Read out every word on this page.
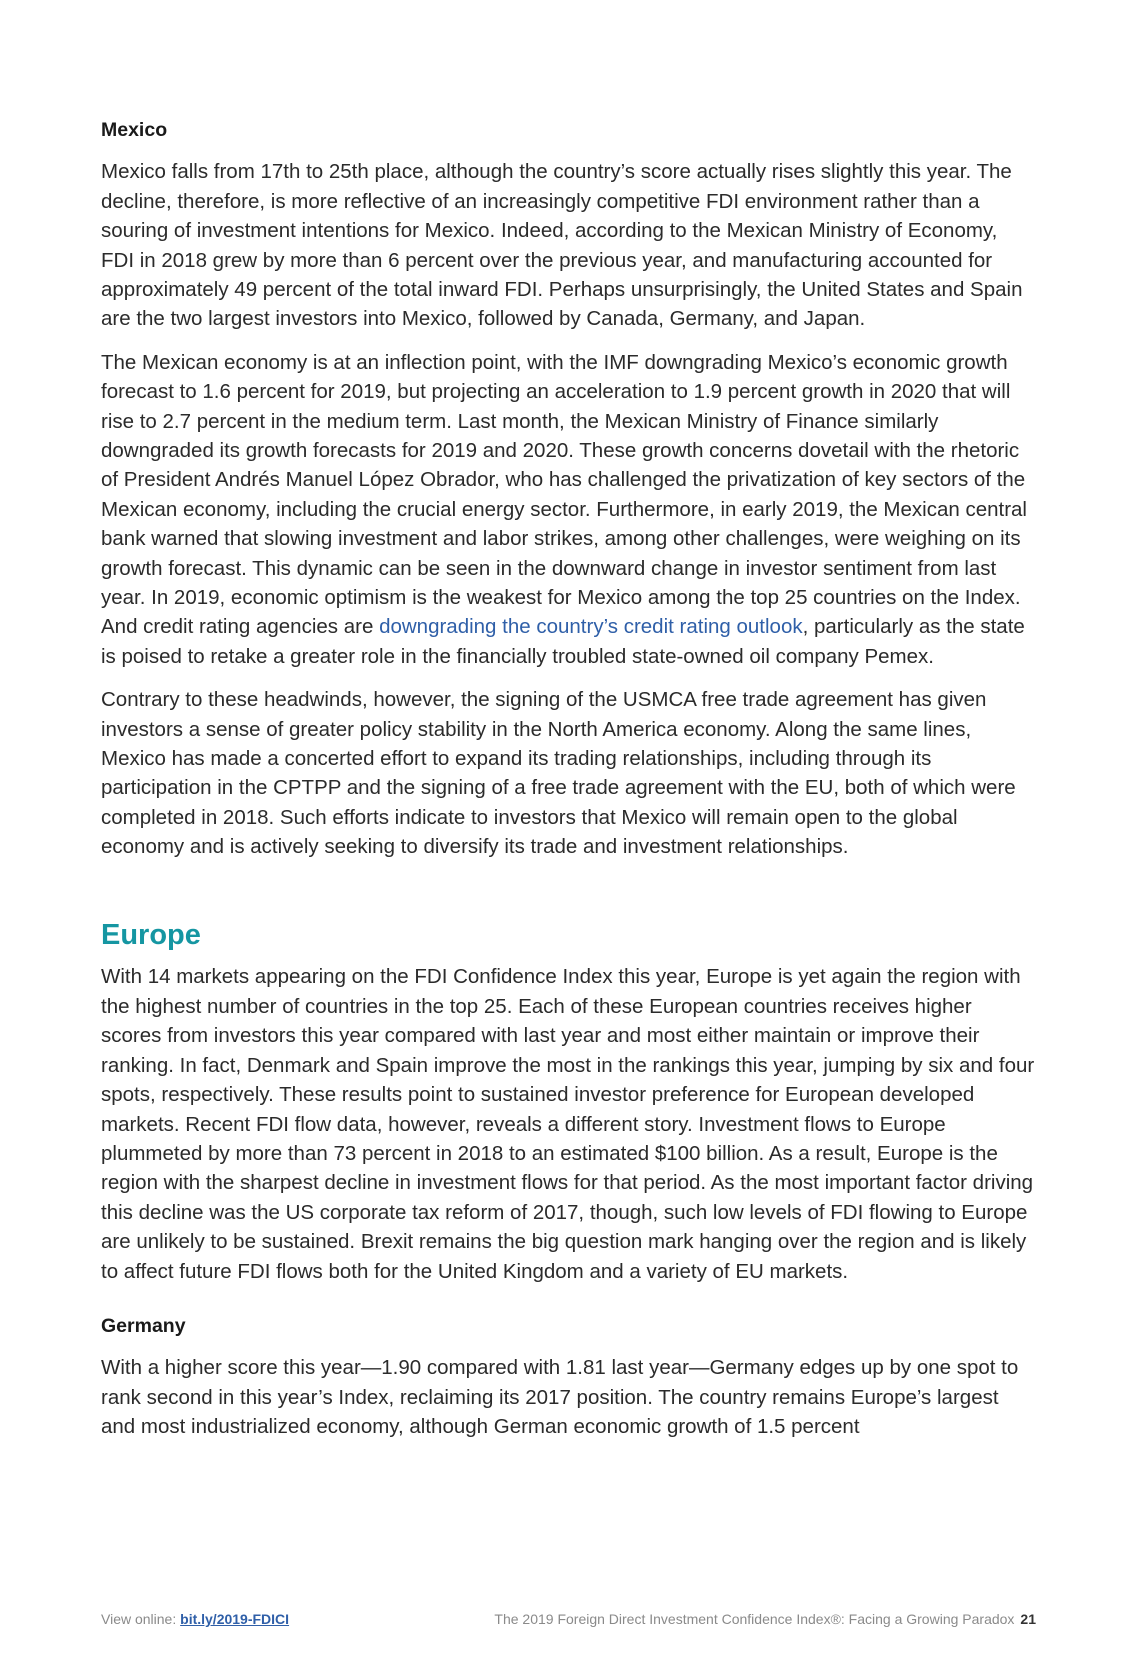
Mexico

Mexico falls from 17th to 25th place, although the country’s score actually rises slightly this year. The decline, therefore, is more reflective of an increasingly competitive FDI environment rather than a souring of investment intentions for Mexico. Indeed, according to the Mexican Ministry of Economy, FDI in 2018 grew by more than 6 percent over the previous year, and manufacturing accounted for approximately 49 percent of the total inward FDI. Perhaps unsurprisingly, the United States and Spain are the two largest investors into Mexico, followed by Canada, Germany, and Japan.

The Mexican economy is at an inflection point, with the IMF downgrading Mexico’s economic growth forecast to 1.6 percent for 2019, but projecting an acceleration to 1.9 percent growth in 2020 that will rise to 2.7 percent in the medium term. Last month, the Mexican Ministry of Finance similarly downgraded its growth forecasts for 2019 and 2020. These growth concerns dovetail with the rhetoric of President Andrés Manuel López Obrador, who has challenged the privatization of key sectors of the Mexican economy, including the crucial energy sector. Furthermore, in early 2019, the Mexican central bank warned that slowing investment and labor strikes, among other challenges, were weighing on its growth forecast. This dynamic can be seen in the downward change in investor sentiment from last year. In 2019, economic optimism is the weakest for Mexico among the top 25 countries on the Index. And credit rating agencies are downgrading the country’s credit rating outlook, particularly as the state is poised to retake a greater role in the financially troubled state-owned oil company Pemex.

Contrary to these headwinds, however, the signing of the USMCA free trade agreement has given investors a sense of greater policy stability in the North America economy. Along the same lines, Mexico has made a concerted effort to expand its trading relationships, including through its participation in the CPTPP and the signing of a free trade agreement with the EU, both of which were completed in 2018. Such efforts indicate to investors that Mexico will remain open to the global economy and is actively seeking to diversify its trade and investment relationships.

Europe

With 14 markets appearing on the FDI Confidence Index this year, Europe is yet again the region with the highest number of countries in the top 25. Each of these European countries receives higher scores from investors this year compared with last year and most either maintain or improve their ranking. In fact, Denmark and Spain improve the most in the rankings this year, jumping by six and four spots, respectively. These results point to sustained investor preference for European developed markets. Recent FDI flow data, however, reveals a different story. Investment flows to Europe plummeted by more than 73 percent in 2018 to an estimated $100 billion. As a result, Europe is the region with the sharpest decline in investment flows for that period. As the most important factor driving this decline was the US corporate tax reform of 2017, though, such low levels of FDI flowing to Europe are unlikely to be sustained. Brexit remains the big question mark hanging over the region and is likely to affect future FDI flows both for the United Kingdom and a variety of EU markets.

Germany

With a higher score this year—1.90 compared with 1.81 last year—Germany edges up by one spot to rank second in this year’s Index, reclaiming its 2017 position. The country remains Europe’s largest and most industrialized economy, although German economic growth of 1.5 percent

View online: bit.ly/2019-FDICI	The 2019 Foreign Direct Investment Confidence Index®: Facing a Growing Paradox 21
